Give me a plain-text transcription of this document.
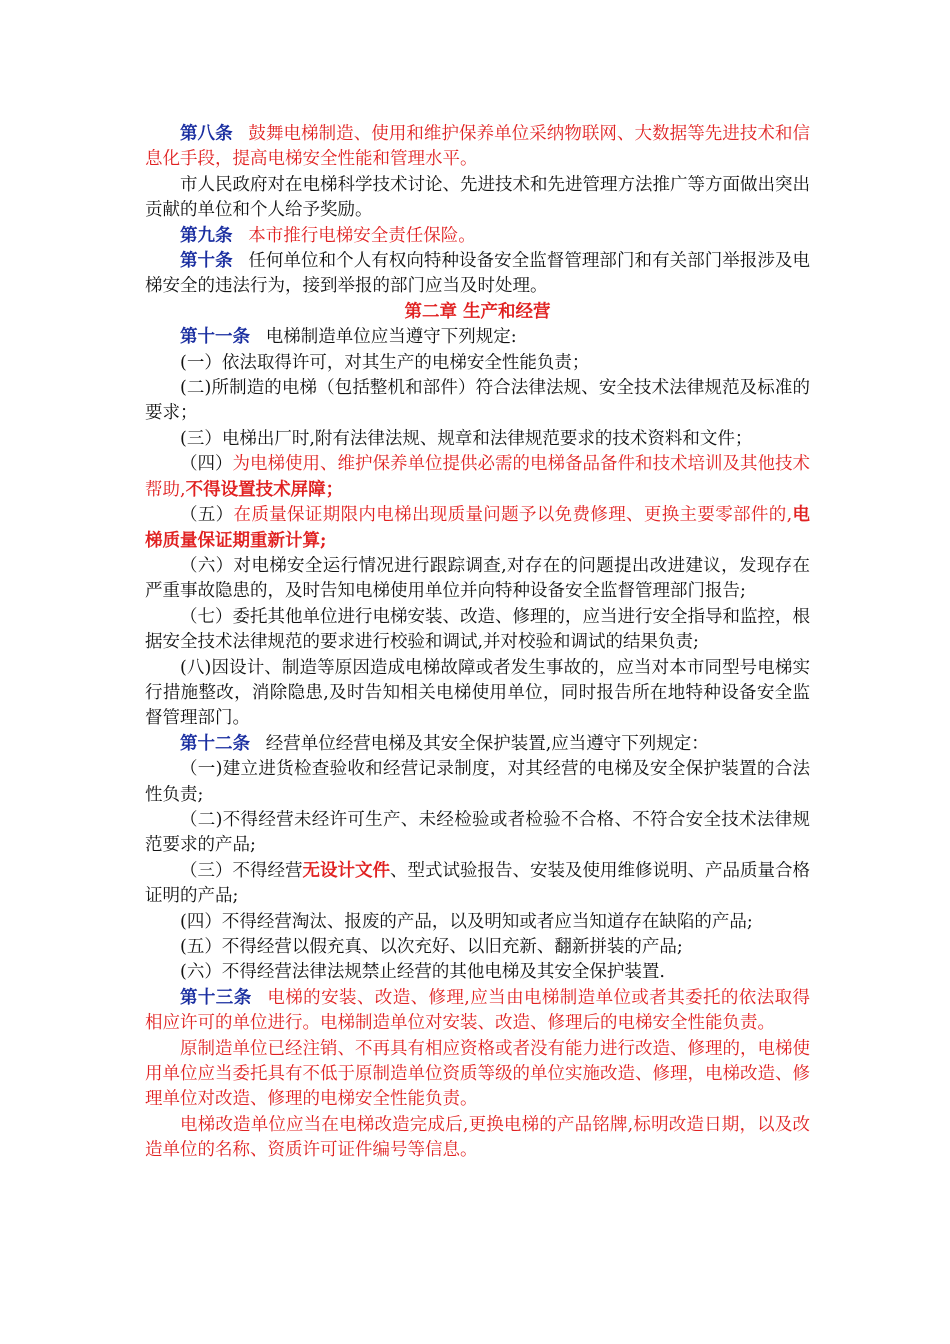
第八条 鼓舞电梯制造、使用和维护保养单位采纳物联网、大数据等先进技术和信息化手段，提高电梯安全性能和管理水平。

市人民政府对在电梯科学技术讨论、先进技术和先进管理方法推广等方面做出突出贡献的单位和个人给予奖励。

第九条 本市推行电梯安全责任保险。

第十条 任何单位和个人有权向特种设备安全监督管理部门和有关部门举报涉及电梯安全的违法行为，接到举报的部门应当及时处理。

第二章 生产和经营

第十一条 电梯制造单位应当遵守下列规定:

(一）依法取得许可，对其生产的电梯安全性能负责；

(二)所制造的电梯（包括整机和部件）符合法律法规、安全技术法律规范及标准的要求；

(三）电梯出厂时,附有法律法规、规章和法律规范要求的技术资料和文件；

（四）为电梯使用、维护保养单位提供必需的电梯备品备件和技术培训及其他技术帮助,不得设置技术屏障；

（五）在质量保证期限内电梯出现质量问题予以免费修理、更换主要零部件的,电梯质量保证期重新计算;

（六）对电梯安全运行情况进行跟踪调查,对存在的问题提出改进建议，发现存在严重事故隐患的，及时告知电梯使用单位并向特种设备安全监督管理部门报告;

（七）委托其他单位进行电梯安装、改造、修理的，应当进行安全指导和监控，根据安全技术法律规范的要求进行校验和调试,并对校验和调试的结果负责;

(八)因设计、制造等原因造成电梯故障或者发生事故的，应当对本市同型号电梯实行措施整改，消除隐患,及时告知相关电梯使用单位，同时报告所在地特种设备安全监督管理部门。

第十二条 经营单位经营电梯及其安全保护装置,应当遵守下列规定：

（一)建立进货检查验收和经营记录制度，对其经营的电梯及安全保护装置的合法性负责;

（二)不得经营未经许可生产、未经检验或者检验不合格、不符合安全技术法律规范要求的产品;

（三）不得经营无设计文件、型式试验报告、安装及使用维修说明、产品质量合格证明的产品;

(四）不得经营淘汰、报废的产品，以及明知或者应当知道存在缺陷的产品;

(五）不得经营以假充真、以次充好、以旧充新、翻新拼装的产品;

(六）不得经营法律法规禁止经营的其他电梯及其安全保护装置.

第十三条 电梯的安装、改造、修理,应当由电梯制造单位或者其委托的依法取得相应许可的单位进行。电梯制造单位对安装、改造、修理后的电梯安全性能负责。

原制造单位已经注销、不再具有相应资格或者没有能力进行改造、修理的，电梯使用单位应当委托具有不低于原制造单位资质等级的单位实施改造、修理，电梯改造、修理单位对改造、修理的电梯安全性能负责。

电梯改造单位应当在电梯改造完成后,更换电梯的产品铭牌,标明改造日期，以及改造单位的名称、资质许可证件编号等信息。
